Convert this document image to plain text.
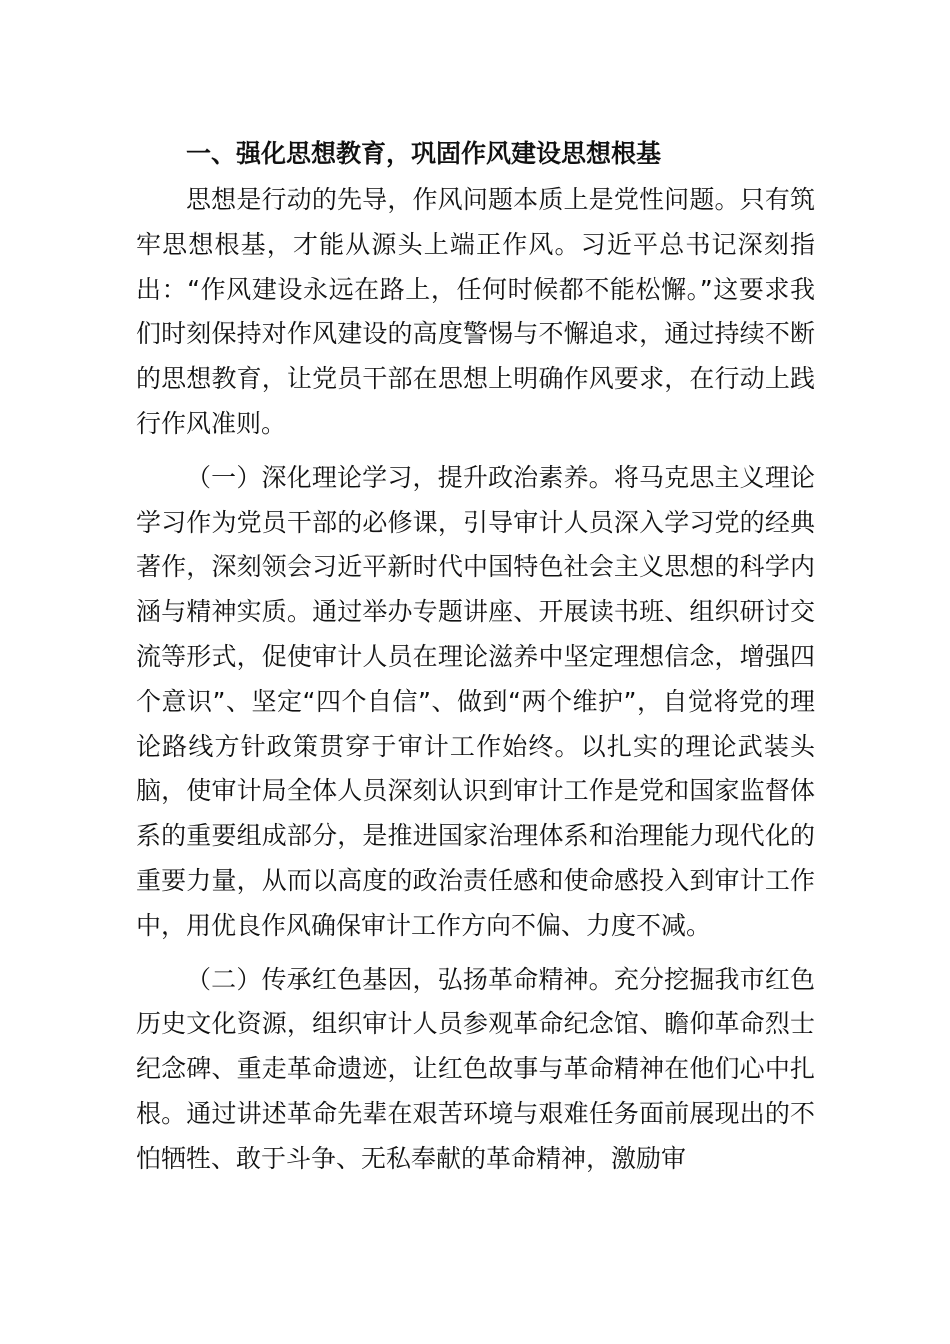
一、强化思想教育，巩固作风建设思想根基

思想是行动的先导，作风问题本质上是党性问题。只有筑牢思想根基，才能从源头上端正作风。习近平总书记深刻指出：“作风建设永远在路上，任何时候都不能松懈。”这要求我们时刻保持对作风建设的高度警惕与不懈追求，通过持续不断的思想教育，让党员干部在思想上明确作风要求，在行动上践行作风准则。

（一）深化理论学习，提升政治素养。将马克思主义理论学习作为党员干部的必修课，引导审计人员深入学习党的经典著作，深刻领会习近平新时代中国特色社会主义思想的科学内涵与精神实质。通过举办专题讲座、开展读书班、组织研讨交流等形式，促使审计人员在理论滋养中坚定理想信念，增强四个意识”、坚定“四个自信”、做到“两个维护”，自觉将党的理论路线方针政策贯穿于审计工作始终。以扎实的理论武装头脑，使审计局全体人员深刻认识到审计工作是党和国家监督体系的重要组成部分，是推进国家治理体系和治理能力现代化的重要力量，从而以高度的政治责任感和使命感投入到审计工作中，用优良作风确保审计工作方向不偏、力度不减。

（二）传承红色基因，弘扬革命精神。充分挖掘我市红色历史文化资源，组织审计人员参观革命纪念馆、瞻仰革命烈士纪念碑、重走革命遗迹，让红色故事与革命精神在他们心中扎根。通过讲述革命先辈在艰苦环境与艰难任务面前展现出的不怕牺牲、敢于斗争、无私奉献的革命精神，激励审
